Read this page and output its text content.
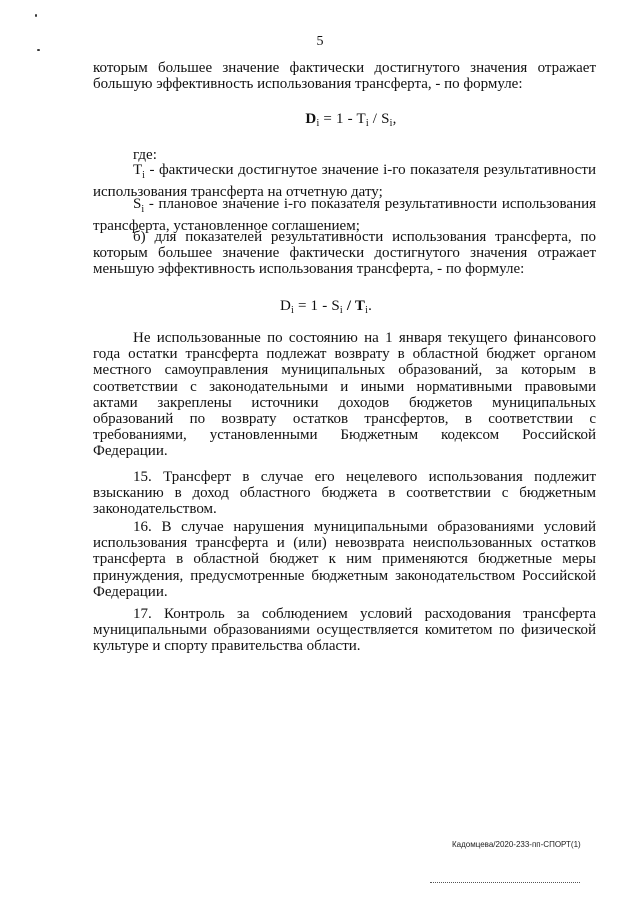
5

которым большее значение фактически достигнутого значения отражает

большую эффективность использования трансферта, - по формуле:

$D_i = 1 - T_i / S_i$,

где:

$T_i$ - фактически достигнутое значение i-го показателя результативности

использования трансферта на отчетную дату;

$S_i$ - плановое значение i-го показателя результативности использования

трансферта, установленное соглашением;

б) для показателей результативности использования трансферта, по

которым большее значение фактически достигнутого значения отражает

меньшую эффективность использования трансферта, - по формуле:

$D_i = 1 - S_i / T_i$.

Не использованные по состоянию на 1 января текущего финансового

года остатки трансферта подлежат возврату в областной бюджет органом

местного самоуправления муниципальных образований, за которым в

соответствии с законодательными и иными нормативными правовыми

актами закреплены источники доходов бюджетов муниципальных

образований по возврату остатков трансфертов, в соответствии с

требованиями, установленными Бюджетным кодексом Российской

Федерации.

15. Трансферт в случае его нецелевого использования подлежит

взысканию в доход областного бюджета в соответствии с бюджетным

законодательством.

16. В случае нарушения муниципальными образованиями условий

использования трансферта и (или) невозврата неиспользованных остатков

трансферта в областной бюджет к ним применяются бюджетные меры

принуждения, предусмотренные бюджетным законодательством Российской

Федерации.

17. Контроль за соблюдением условий расходования трансферта

муниципальными образованиями осуществляется комитетом по физической

культуре и спорту правительства области.

Кадомцева/2020-233-пп-СПОРТ(1)
